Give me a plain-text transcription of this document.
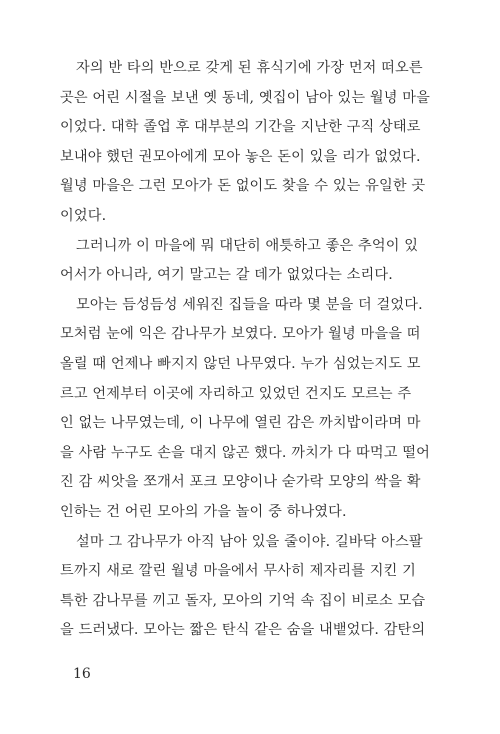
자의 반 타의 반으로 갖게 된 휴식기에 가장 먼저 떠오른
곳은 어린 시절을 보낸 옛 동네, 옛집이 남아 있는 월녕 마을
이었다. 대학 졸업 후 대부분의 기간을 지난한 구직 상태로
보내야 했던 권모아에게 모아 놓은 돈이 있을 리가 없었다.
월녕 마을은 그런 모아가 돈 없이도 찾을 수 있는 유일한 곳
이었다.
그러니까 이 마을에 뭐 대단히 애틋하고 좋은 추억이 있
어서가 아니라, 여기 말고는 갈 데가 없었다는 소리다.
모아는 듬성듬성 세워진 집들을 따라 몇 분을 더 걸었다.
모처럼 눈에 익은 감나무가 보였다. 모아가 월녕 마을을 떠
올릴 때 언제나 빠지지 않던 나무였다. 누가 심었는지도 모
르고 언제부터 이곳에 자리하고 있었던 건지도 모르는 주
인 없는 나무였는데, 이 나무에 열린 감은 까치밥이라며 마
을 사람 누구도 손을 대지 않곤 했다. 까치가 다 따먹고 떨어
진 감 씨앗을 쪼개서 포크 모양이나 숟가락 모양의 싹을 확
인하는 건 어린 모아의 가을 놀이 중 하나였다.
설마 그 감나무가 아직 남아 있을 줄이야. 길바닥 아스팔
트까지 새로 깔린 월녕 마을에서 무사히 제자리를 지킨 기
특한 감나무를 끼고 돌자, 모아의 기억 속 집이 비로소 모습
을 드러냈다. 모아는 짧은 탄식 같은 숨을 내뱉었다. 감탄의
16
